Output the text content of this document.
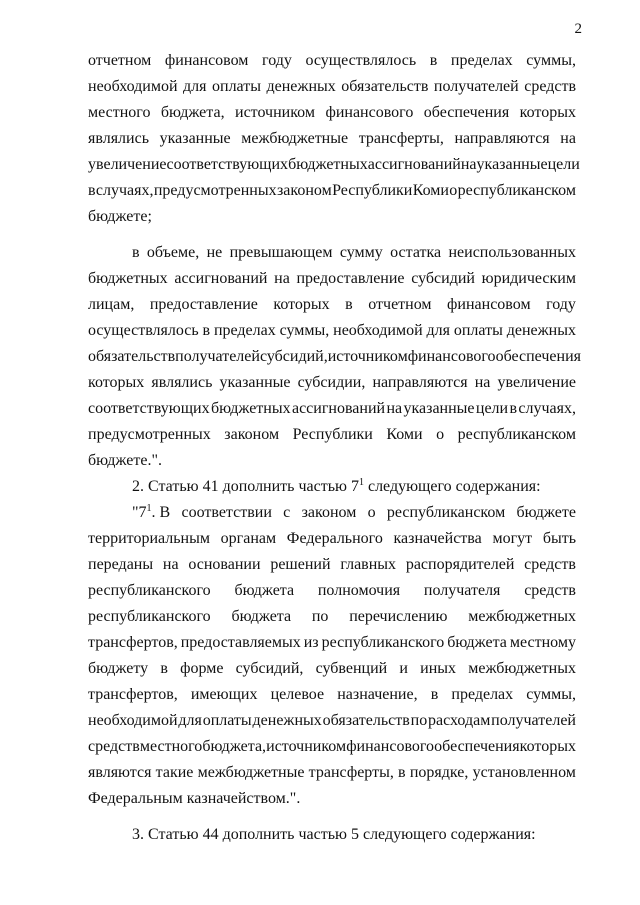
2
отчетном финансовом году осуществлялось в пределах суммы,
необходимой для оплаты денежных обязательств получателей средств
местного бюджета, источником финансового обеспечения которых
являлись указанные межбюджетные трансферты, направляются на
увеличение соответствующих бюджетных ассигнований на указанные цели
в случаях, предусмотренных законом Республики Коми о республиканском
бюджете;
в объеме, не превышающем сумму остатка неиспользованных
бюджетных ассигнований на предоставление субсидий юридическим
лицам, предоставление которых в отчетном финансовом году
осуществлялось в пределах суммы, необходимой для оплаты денежных
обязательств получателей субсидий, источником финансового обеспечения
которых являлись указанные субсидии, направляются на увеличение
соответствующих бюджетных ассигнований на указанные цели в случаях,
предусмотренных законом Республики Коми о республиканском
бюджете.".
2. Статью 41 дополнить частью $7^1$ следующего содержания:
"$7^1$. В соответствии с законом о республиканском бюджете
территориальным органам Федерального казначейства могут быть
переданы на основании решений главных распорядителей средств
республиканского бюджета полномочия получателя средств
республиканского бюджета по перечислению межбюджетных
трансфертов, предоставляемых из республиканского бюджета местному
бюджету в форме субсидий, субвенций и иных межбюджетных
трансфертов, имеющих целевое назначение, в пределах суммы,
необходимой для оплаты денежных обязательств по расходам получателей
средств местного бюджета, источником финансового обеспечения которых
являются такие межбюджетные трансферты, в порядке, установленном
Федеральным казначейством.".
3. Статью 44 дополнить частью 5 следующего содержания:
